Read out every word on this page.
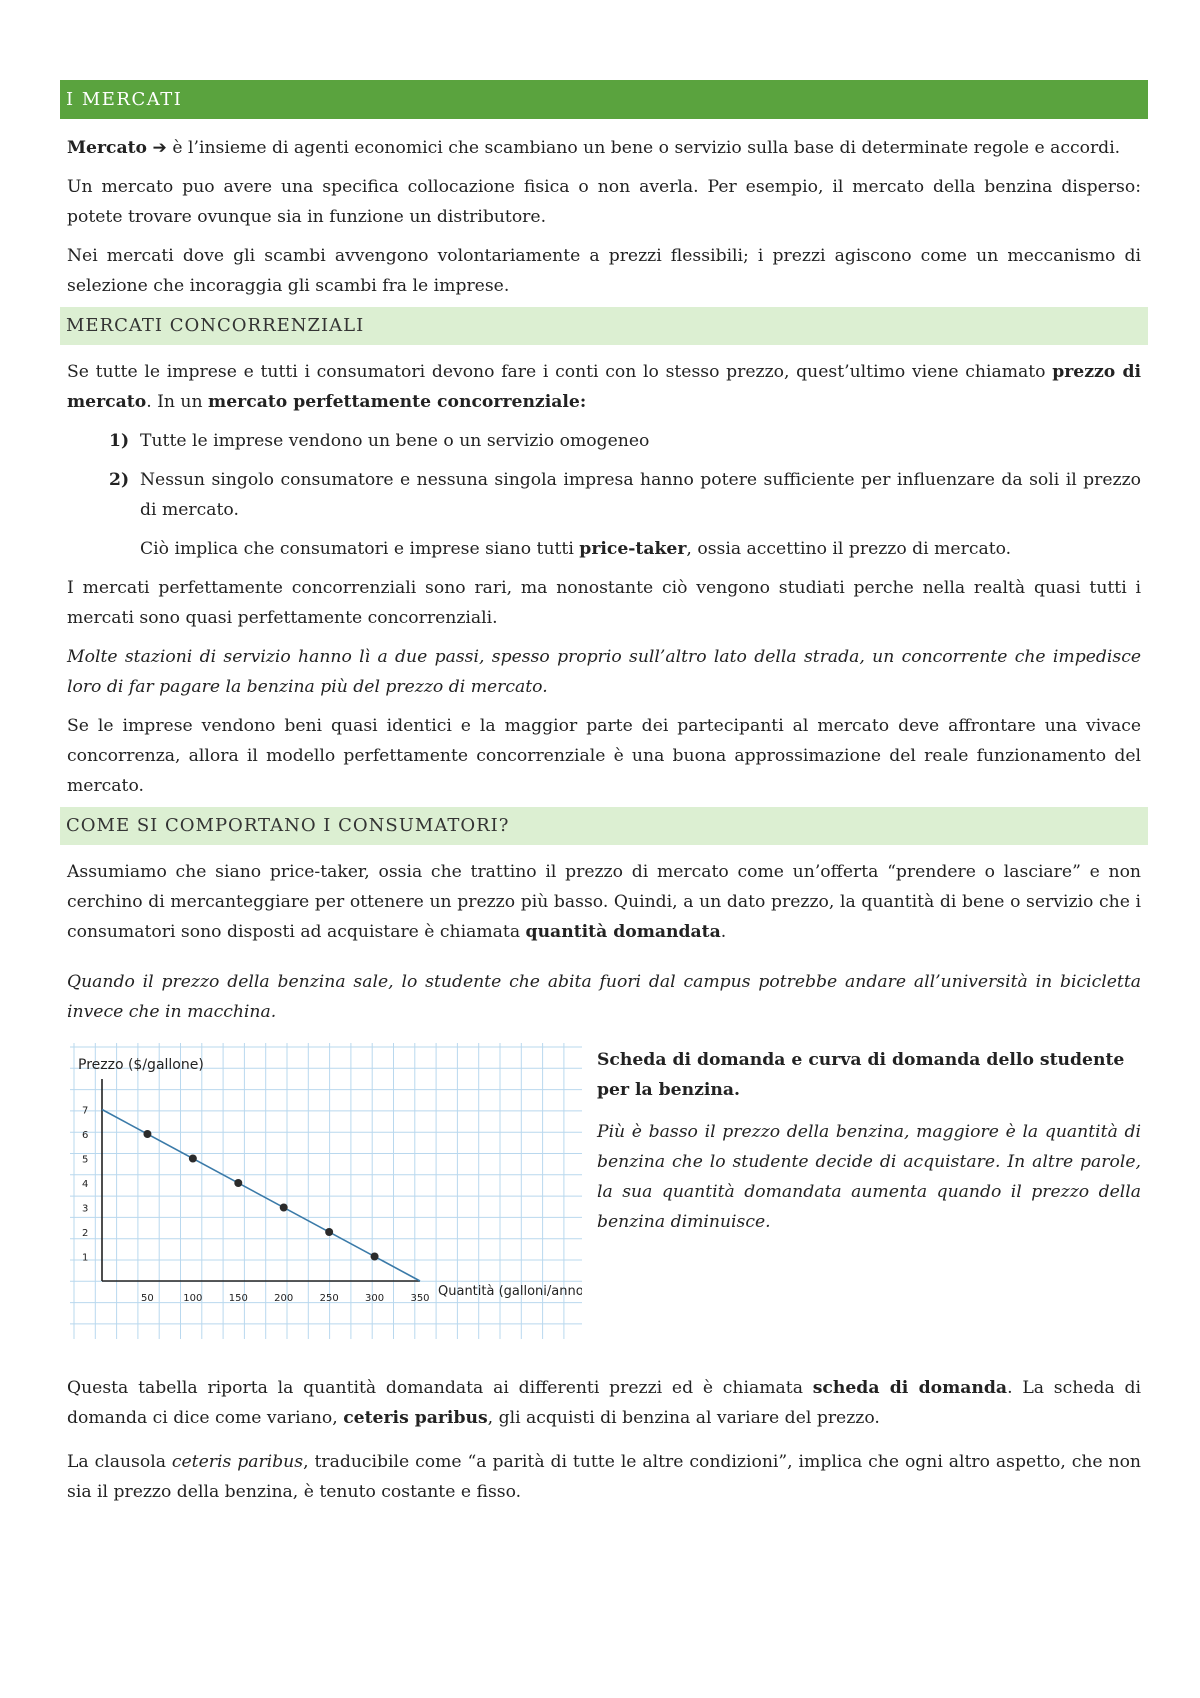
I MERCATI

Mercato ➔ è l’insieme di agenti economici che scambiano un bene o servizio sulla base di determinate regole e accordi.

Un mercato puo avere una specifica collocazione fisica o non averla. Per esempio, il mercato della benzina disperso: potete trovare ovunque sia in funzione un distributore.

Nei mercati dove gli scambi avvengono volontariamente a prezzi flessibili; i prezzi agiscono come un meccanismo di selezione che incoraggia gli scambi fra le imprese.

MERCATI CONCORRENZIALI

Se tutte le imprese e tutti i consumatori devono fare i conti con lo stesso prezzo, quest’ultimo viene chiamato prezzo di mercato. In un mercato perfettamente concorrenziale:

1) Tutte le imprese vendono un bene o un servizio omogeneo
2) Nessun singolo consumatore e nessuna singola impresa hanno potere sufficiente per influenzare da soli il prezzo di mercato.

Ciò implica che consumatori e imprese siano tutti price-taker, ossia accettino il prezzo di mercato.

I mercati perfettamente concorrenziali sono rari, ma nonostante ciò vengono studiati perche nella realtà quasi tutti i mercati sono quasi perfettamente concorrenziali.

Molte stazioni di servizio hanno lì a due passi, spesso proprio sull’altro lato della strada, un concorrente che impedisce loro di far pagare la benzina più del prezzo di mercato.

Se le imprese vendono beni quasi identici e la maggior parte dei partecipanti al mercato deve affrontare una vivace concorrenza, allora il modello perfettamente concorrenziale è una buona approssimazione del reale funzionamento del mercato.

COME SI COMPORTANO I CONSUMATORI?

Assumiamo che siano price-taker, ossia che trattino il prezzo di mercato come un’offerta “prendere o lasciare” e non cerchino di mercanteggiare per ottenere un prezzo più basso. Quindi, a un dato prezzo, la quantità di bene o servizio che i consumatori sono disposti ad acquistare è chiamata quantità domandata.

Quando il prezzo della benzina sale, lo studente che abita fuori dal campus potrebbe andare all’università in bicicletta invece che in macchina.

Prezzo ($/gallone)
Quantità (galloni/anno)
1
2
3
4
5
6
7
50	100	150	200	250	300	350

Scheda di domanda e curva di domanda dello studente per la benzina.

Più è basso il prezzo della benzina, maggiore è la quantità di benzina che lo studente decide di acquistare. In altre parole, la sua quantità domandata aumenta quando il prezzo della benzina diminuisce.

Questa tabella riporta la quantità domandata ai differenti prezzi ed è chiamata scheda di domanda. La scheda di domanda ci dice come variano, ceteris paribus, gli acquisti di benzina al variare del prezzo.

La clausola ceteris paribus, traducibile come “a parità di tutte le altre condizioni”, implica che ogni altro aspetto, che non sia il prezzo della benzina, è tenuto costante e fisso.
